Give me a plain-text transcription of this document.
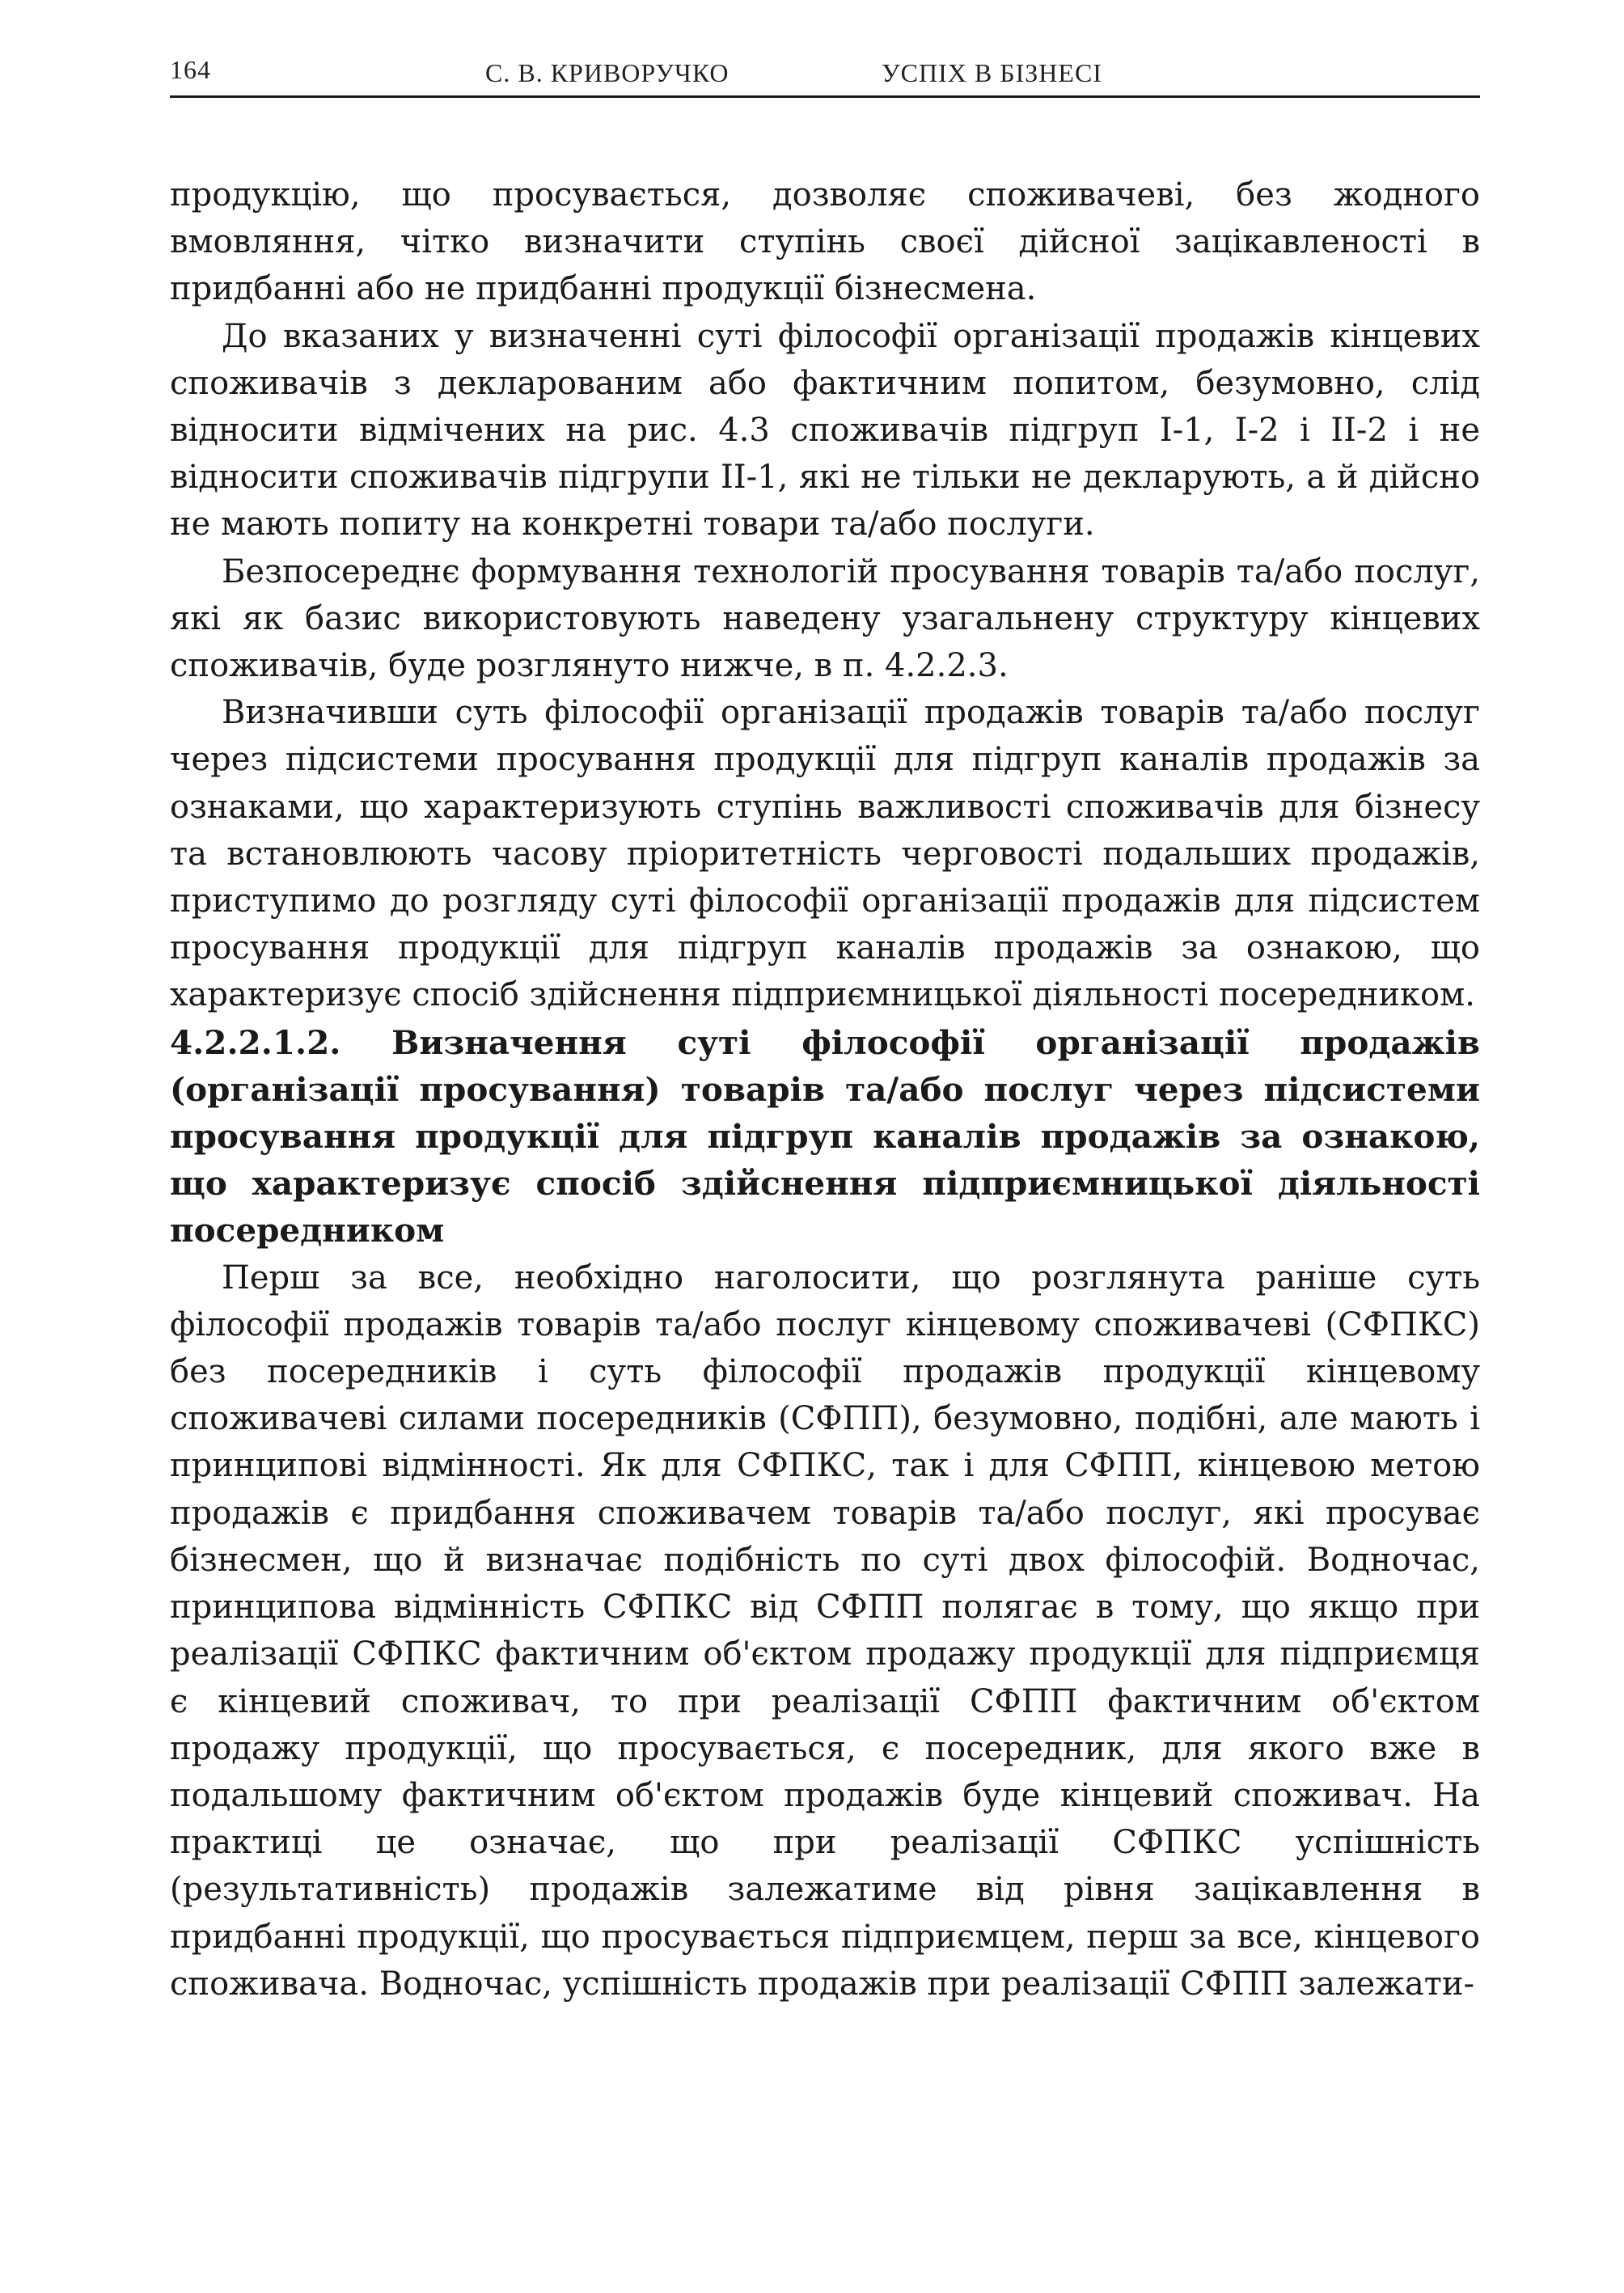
164	С. В. КРИВОРУЧКО	УСПІХ В БІЗНЕСІ

продукцію, що просувається, дозволяє споживачеві, без жодного вмовляння, чітко визначити ступінь своєї дійсної зацікавленості в придбанні або не придбанні продукції бізнесмена.

До вказаних у визначенні суті філософії організації продажів кінцевих споживачів з декларованим або фактичним попитом, безумовно, слід відносити відмічених на рис. 4.3 споживачів підгруп І-1, І-2 і ІІ-2 і не відносити споживачів підгрупи ІІ-1, які не тільки не декларують, а й дійсно не мають попиту на конкретні товари та/або послуги.

Безпосереднє формування технологій просування товарів та/або послуг, які як базис використовують наведену узагальнену структуру кінцевих споживачів, буде розглянуто нижче, в п. 4.2.2.3.

Визначивши суть філософії організації продажів товарів та/або послуг через підсистеми просування продукції для підгруп каналів продажів за ознаками, що характеризують ступінь важливості споживачів для бізнесу та встановлюють часову пріоритетність черговості подальших продажів, приступимо до розгляду суті філософії організації продажів для підсистем просування продукції для підгруп каналів продажів за ознакою, що характеризує спосіб здійснення підприємницької діяльності посередником.

4.2.2.1.2. Визначення суті філософії організації продажів (організації просування) товарів та/або послуг через підсистеми просування продукції для підгруп каналів продажів за ознакою, що характеризує спосіб здійснення підприємницької діяльності посередником

Перш за все, необхідно наголосити, що розглянута раніше суть філософії продажів товарів та/або послуг кінцевому споживачеві (СФПКС) без посередників і суть філософії продажів продукції кінцевому споживачеві силами посередників (СФПП), безумовно, подібні, але мають і принципові відмінності. Як для СФПКС, так і для СФПП, кінцевою метою продажів є придбання споживачем товарів та/або послуг, які просуває бізнесмен, що й визначає подібність по суті двох філософій. Водночас, принципова відмінність СФПКС від СФПП полягає в тому, що якщо при реалізації СФПКС фактичним об'єктом продажу продукції для підприємця є кінцевий споживач, то при реалізації СФПП фактичним об'єктом продажу продукції, що просувається, є посередник, для якого вже в подальшому фактичним об'єктом продажів буде кінцевий споживач. На практиці це означає, що при реалізації СФПКС успішність (результативність) продажів залежатиме від рівня зацікавлення в придбанні продукції, що просувається підприємцем, перш за все, кінцевого споживача. Водночас, успішність продажів при реалізації СФПП залежати-
